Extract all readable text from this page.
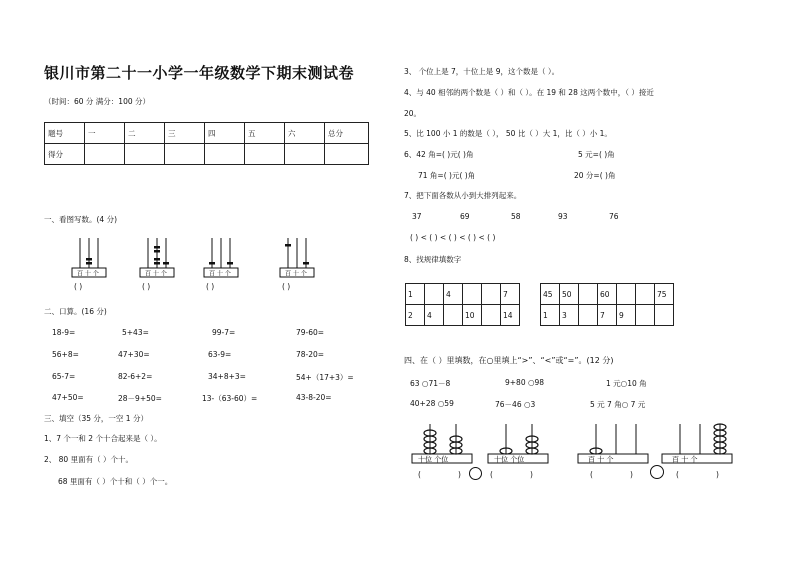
银川市第二十一小学一年级数学下期末测试卷
（时间：60 分 满分：100 分）
题号	一	二	三	四	五	六	总分
得分							
一、看图写数。(4 分)
百 十 个	百 十 个	百 十 个	百 十 个
( )	( )	( )	( )
二、口算。(16 分)
18-9=	5+43=	99-7=	79-60=
56+8=	47+30=	63-9=	78-20=
65-7=	82-6+2=	34+8+3=	54+（17+3）=
47+50=	28－9+50=	13-（63-60）=	43-8-20=
三、填空（35 分，一空 1 分）
1、7 个一和 2 个十合起来是（ ）。
2、 80 里面有（ ）个十。
68 里面有（ ）个十和（ ）个一。
3、 个位上是 7，十位上是 9，这个数是（ ）。
4、与 40 相邻的两个数是（ ）和（ ）。在 19 和 28 这两个数中，（ ）接近
20。
5、比 100 小 1 的数是（ ）， 50 比（ ）大 1，比（ ）小 1。
6、42 角=( )元( )角	5 元=( )角
71 角=( )元( )角	20 分=( )角
7、把下面各数从小到大排列起来。
37	69	58	93	76
( ) < ( ) < ( ) < ( ) < ( )
8、找规律填数字
1		4			7
2	4		10		14
45	50		60			75
1	3		7	9		
四、在（ ）里填数，在○里填上“>”、“<”或“=”。(12 分)
63 ○71－8	9+80 ○98	1 元○10 角
40+28 ○59	76－46 ○3	5 元 7 角○ 7 元
十位 个位	十位 个位	百 十 个	百 十 个
(	)	(	)	(	)	(	)
